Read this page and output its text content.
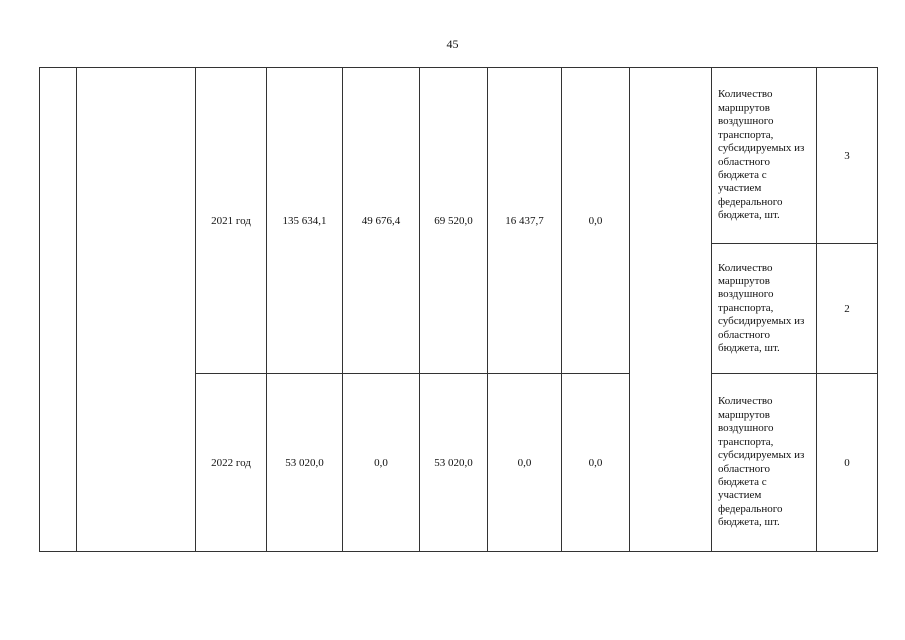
45
		2021 год	135 634,1	49 676,4	69 520,0	16 437,7	0,0		Количество маршрутов воздушного транспорта, субсидируемых из областного бюджета с участием федерального бюджета, шт.	3
									Количество маршрутов воздушного транспорта, субсидируемых из областного бюджета, шт.	2
		2022 год	53 020,0	0,0	53 020,0	0,0	0,0		Количество маршрутов воздушного транспорта, субсидируемых из областного бюджета с участием федерального бюджета, шт.	0
